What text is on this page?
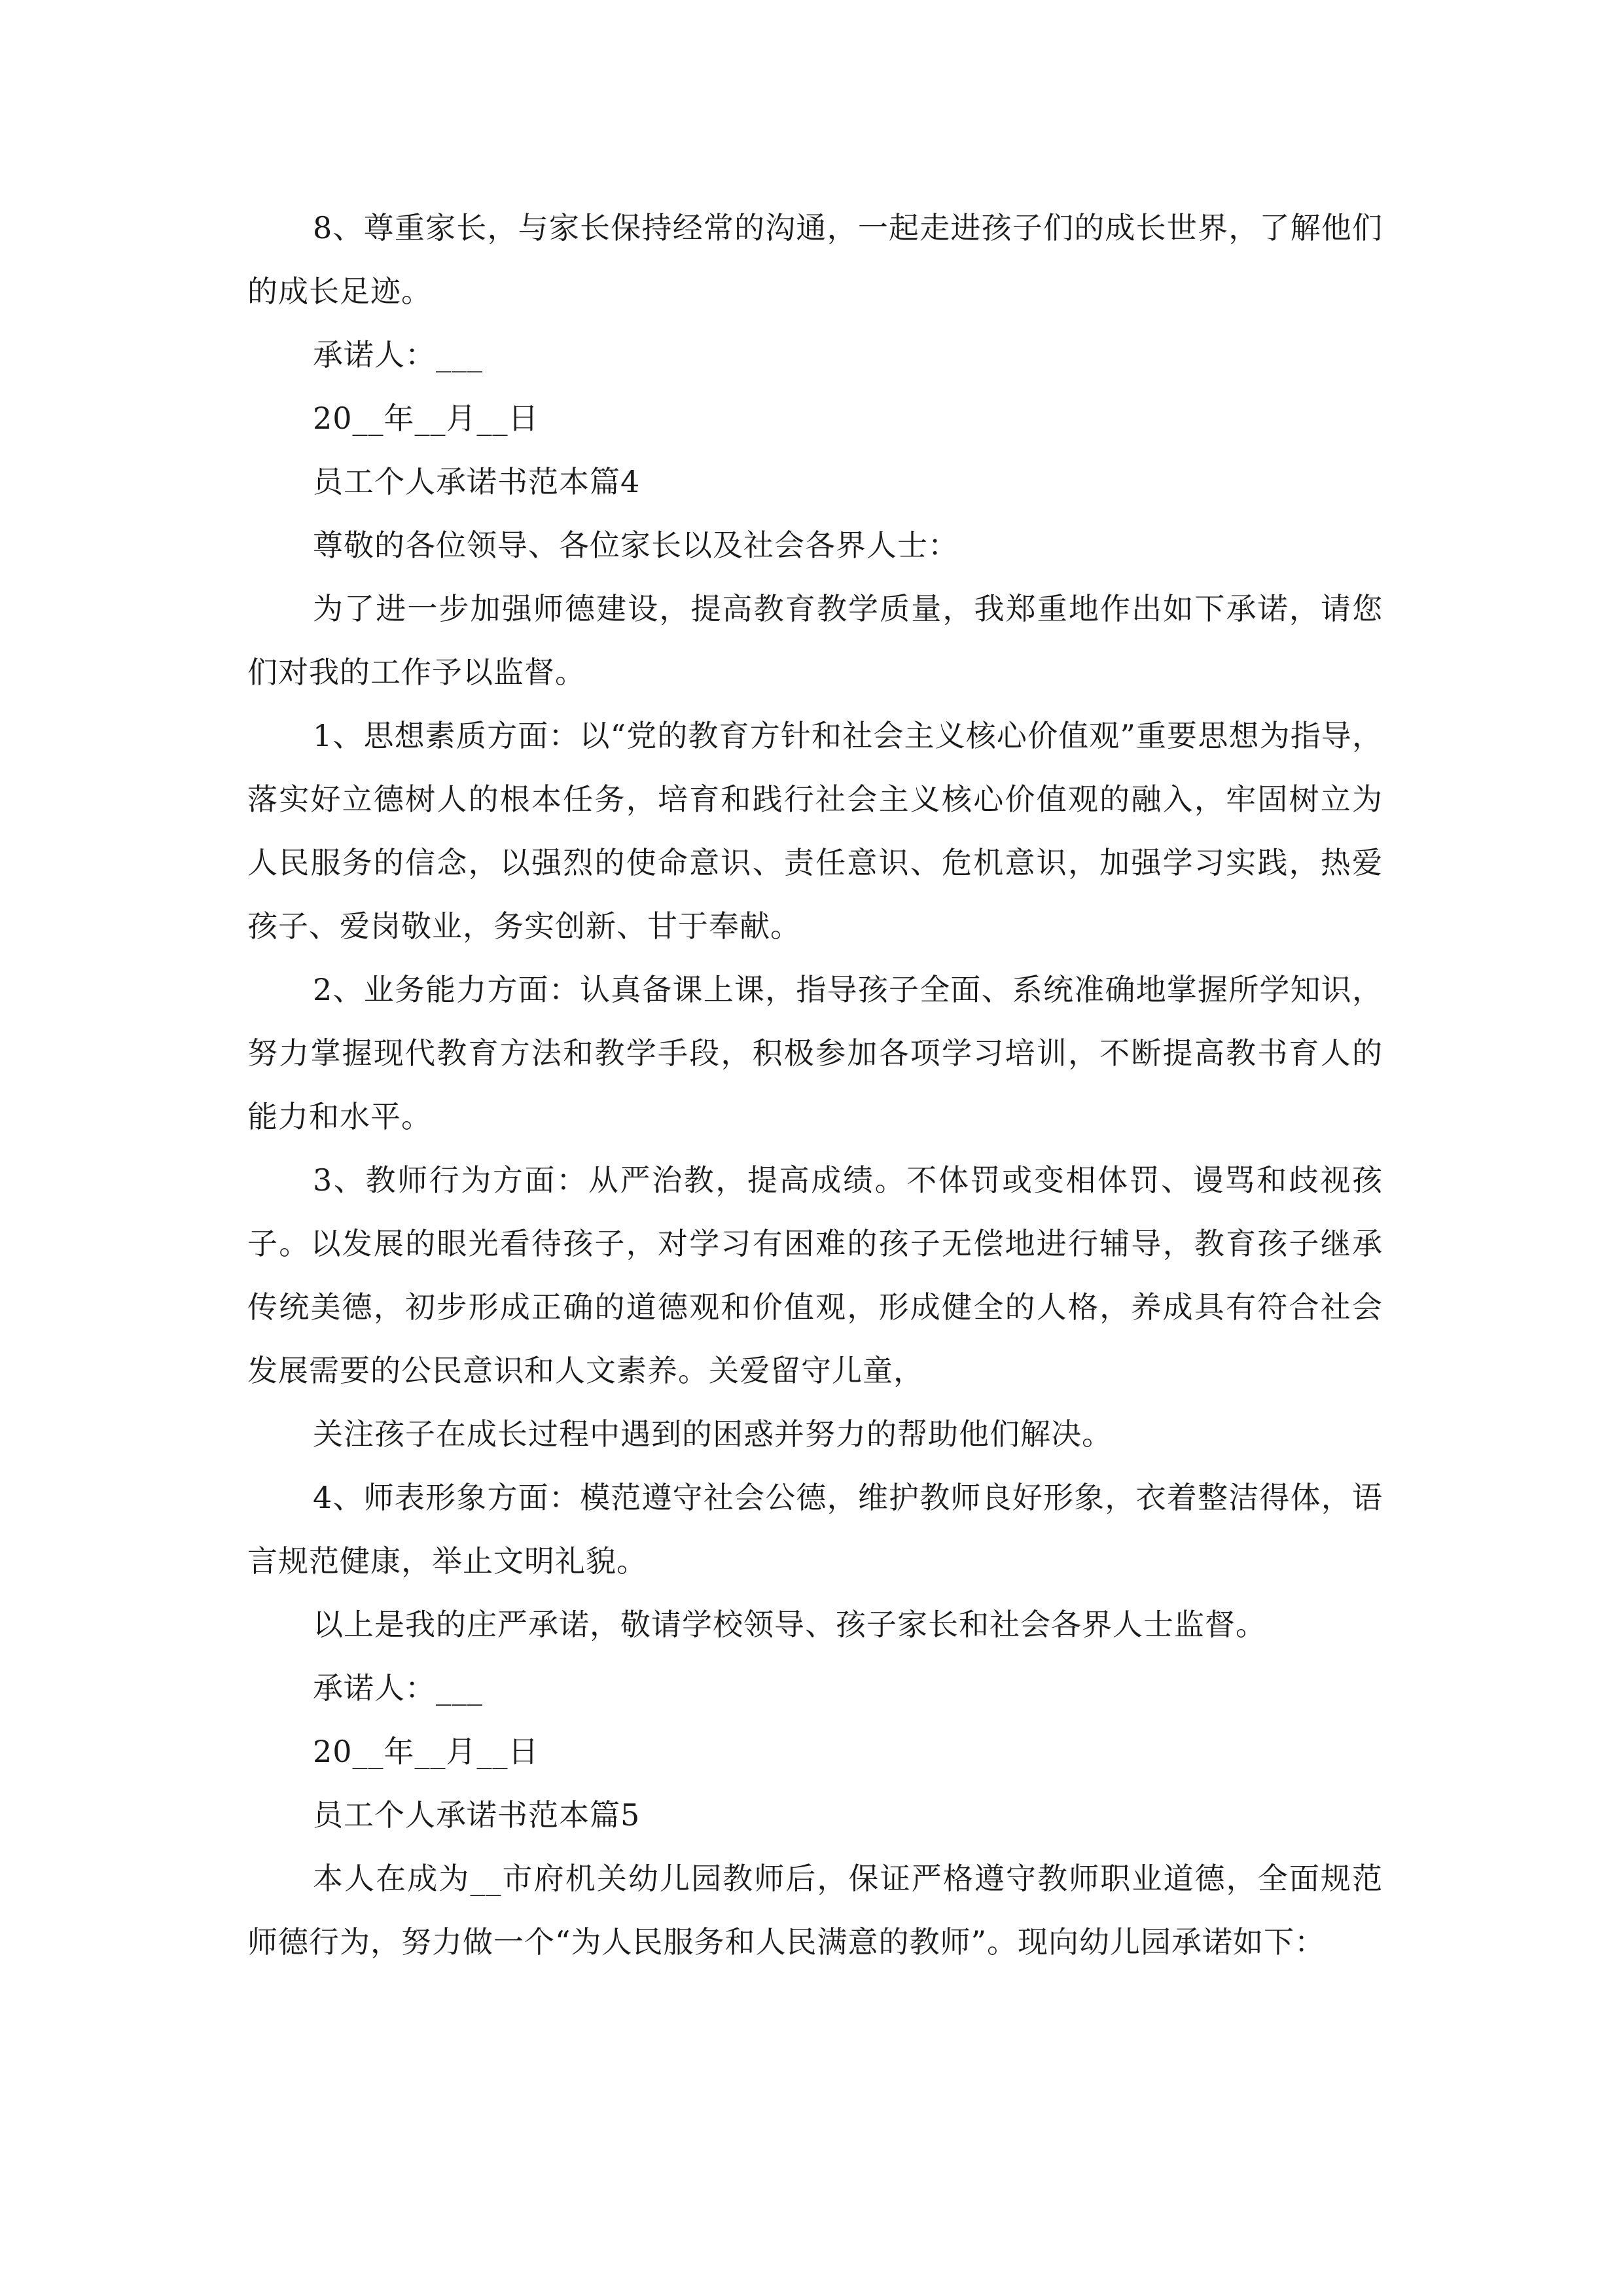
8、尊重家长，与家长保持经常的沟通，一起走进孩子们的成长世界，了解他们的成长足迹。

承诺人：___

20__年__月__日

员工个人承诺书范本篇4

尊敬的各位领导、各位家长以及社会各界人士：

为了进一步加强师德建设，提高教育教学质量，我郑重地作出如下承诺，请您们对我的工作予以监督。

1、思想素质方面：以“党的教育方针和社会主义核心价值观”重要思想为指导，落实好立德树人的根本任务，培育和践行社会主义核心价值观的融入，牢固树立为人民服务的信念，以强烈的使命意识、责任意识、危机意识，加强学习实践，热爱孩子、爱岗敬业，务实创新、甘于奉献。

2、业务能力方面：认真备课上课，指导孩子全面、系统准确地掌握所学知识，努力掌握现代教育方法和教学手段，积极参加各项学习培训，不断提高教书育人的能力和水平。

3、教师行为方面：从严治教，提高成绩。不体罚或变相体罚、谩骂和歧视孩子。以发展的眼光看待孩子，对学习有困难的孩子无偿地进行辅导，教育孩子继承传统美德，初步形成正确的道德观和价值观，形成健全的人格，养成具有符合社会发展需要的公民意识和人文素养。关爱留守儿童，

关注孩子在成长过程中遇到的困惑并努力的帮助他们解决。

4、师表形象方面：模范遵守社会公德，维护教师良好形象，衣着整洁得体，语言规范健康，举止文明礼貌。

以上是我的庄严承诺，敬请学校领导、孩子家长和社会各界人士监督。

承诺人：___

20__年__月__日

员工个人承诺书范本篇5

本人在成为__市府机关幼儿园教师后，保证严格遵守教师职业道德，全面规范师德行为，努力做一个“为人民服务和人民满意的教师”。现向幼儿园承诺如下：
